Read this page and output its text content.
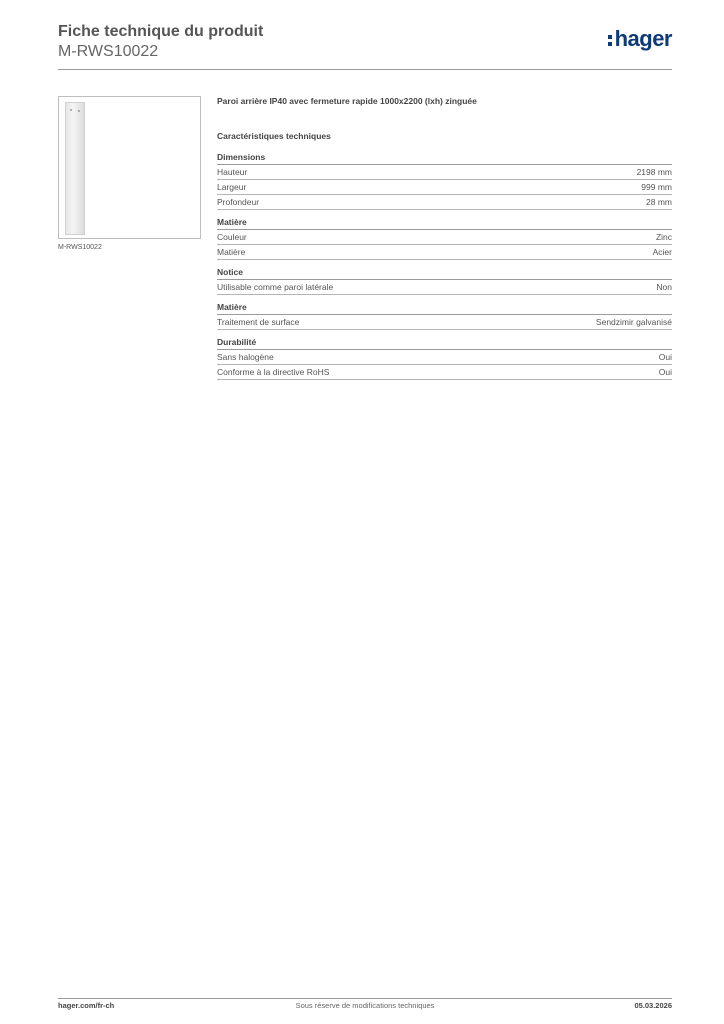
Fiche technique du produit
M-RWS10022
hager
M-RWS10022
Paroi arrière IP40 avec fermeture rapide 1000x2200 (lxh) zinguée
Caractéristiques techniques
Dimensions
Hauteur	2198 mm
Largeur	999 mm
Profondeur	28 mm
Matière
Couleur	Zinc
Matière	Acier
Notice
Utilisable comme paroi latérale	Non
Matière
Traitement de surface	Sendzimir galvanisé
Durabilité
Sans halogène	Oui
Conforme à la directive RoHS	Oui
hager.com/fr-ch	Sous réserve de modifications techniques	05.03.2026
